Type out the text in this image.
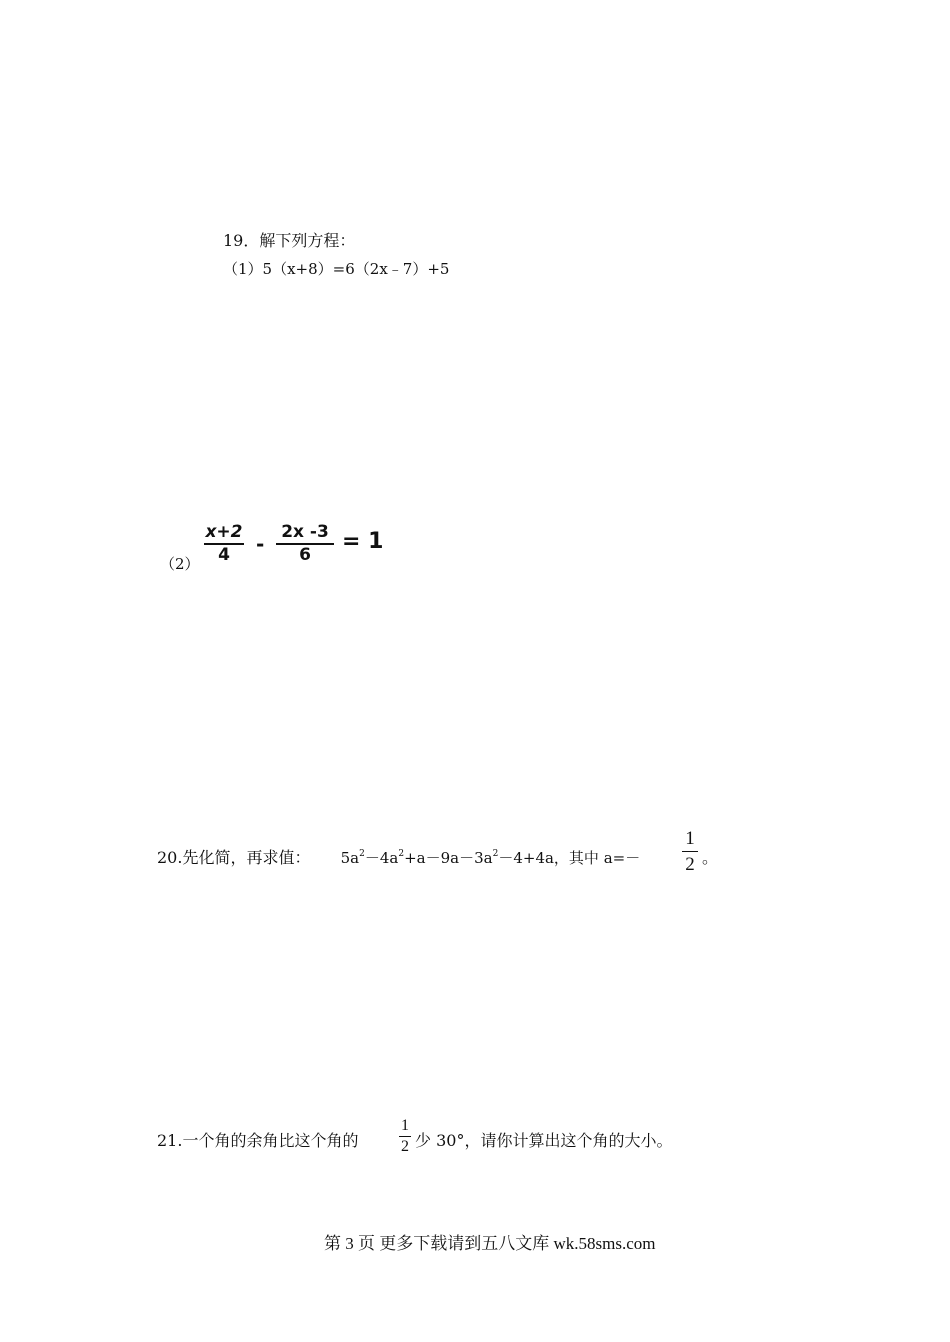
19．解下列方程：
（1）5（x+8）=6（2x﹣7）+5
（2）
x+2
4 - 2x -3
6
= 1
20.先化简，再求值： $5a^2-4a^2+a-9a-3a^2-4+4a$，其中 a=－
1
2 。
21.一个角的余角比这个角的
1
2 少 30°，请你计算出这个角的大小。
第 3 页 更多下载请到五八文库 wk.58sms.com
